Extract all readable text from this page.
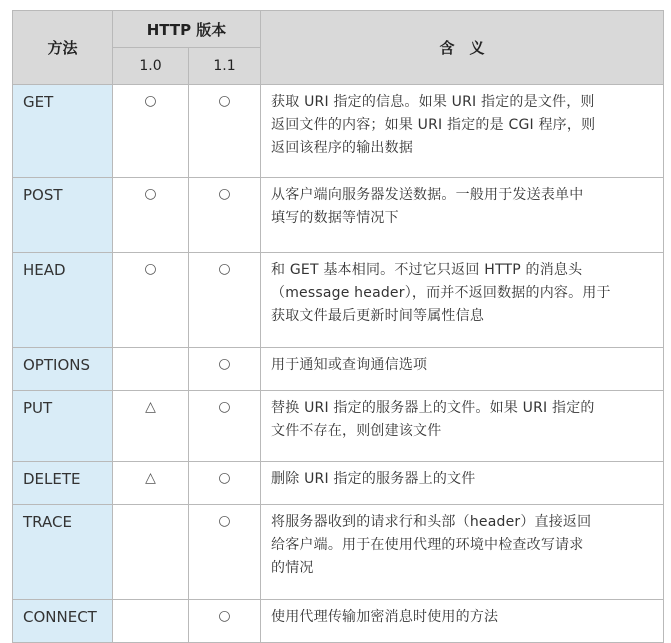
方法	HTTP 版本		含　义
	1.0	1.1	
GET	○	○	获取 URI 指定的信息。如果 URI 指定的是文件，则
返回文件的内容；如果 URI 指定的是 CGI 程序，则
返回该程序的输出数据

POST	○	○	从客户端向服务器发送数据。一般用于发送表单中
填写的数据等情况下

HEAD	○	○	和 GET 基本相同。不过它只返回 HTTP 的消息头
（message header），而并不返回数据的内容。用于
获取文件最后更新时间等属性信息

OPTIONS		○	用于通知或查询通信选项

PUT	△	○	替换 URI 指定的服务器上的文件。如果 URI 指定的
文件不存在，则创建该文件

DELETE	△	○	删除 URI 指定的服务器上的文件

TRACE		○	将服务器收到的请求行和头部（header）直接返回
给客户端。用于在使用代理的环境中检查改写请求
的情况

CONNECT		○	使用代理传输加密消息时使用的方法
